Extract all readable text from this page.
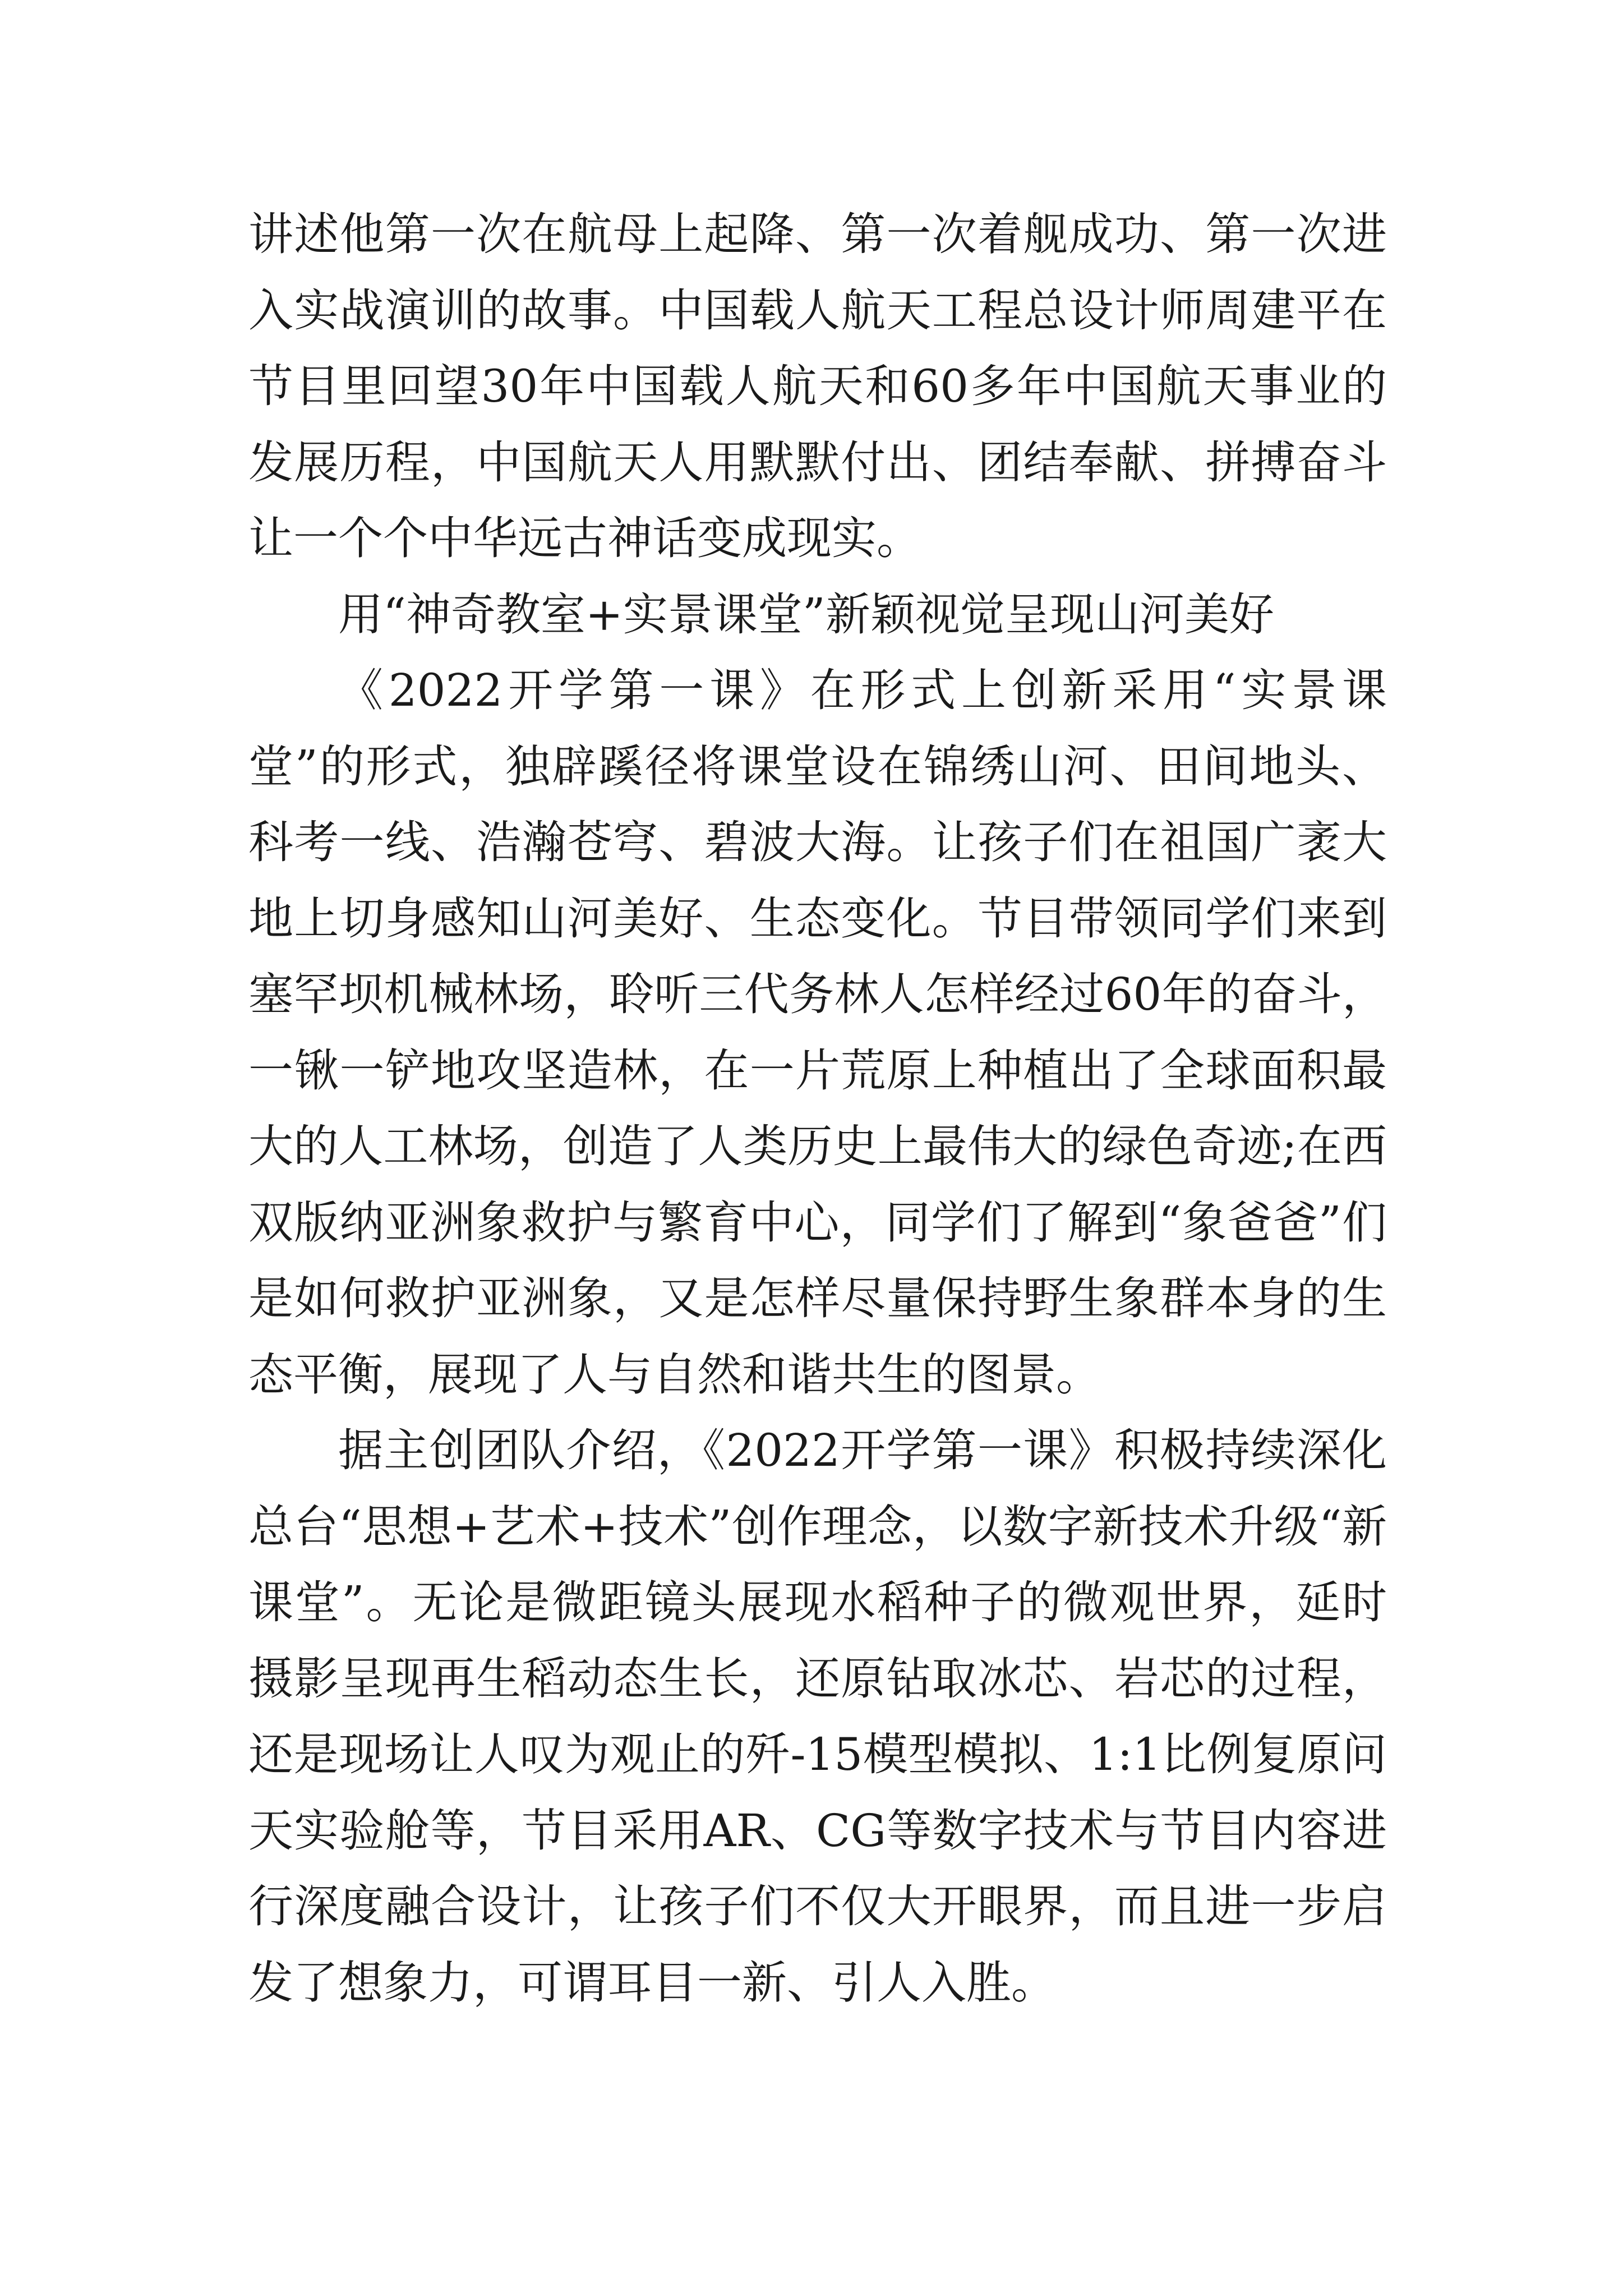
讲述他第一次在航母上起降、第一次着舰成功、第一次进入实战演训的故事。中国载人航天工程总设计师周建平在节目里回望30年中国载人航天和60多年中国航天事业的发展历程，中国航天人用默默付出、团结奉献、拼搏奋斗让一个个中华远古神话变成现实。

用“神奇教室+实景课堂”新颖视觉呈现山河美好

《2022开学第一课》在形式上创新采用“实景课堂”的形式，独辟蹊径将课堂设在锦绣山河、田间地头、科考一线、浩瀚苍穹、碧波大海。让孩子们在祖国广袤大地上切身感知山河美好、生态变化。节目带领同学们来到塞罕坝机械林场，聆听三代务林人怎样经过60年的奋斗，一锹一铲地攻坚造林，在一片荒原上种植出了全球面积最大的人工林场，创造了人类历史上最伟大的绿色奇迹;在西双版纳亚洲象救护与繁育中心，同学们了解到“象爸爸”们是如何救护亚洲象，又是怎样尽量保持野生象群本身的生态平衡，展现了人与自然和谐共生的图景。

据主创团队介绍，《2022开学第一课》积极持续深化总台“思想+艺术+技术”创作理念，以数字新技术升级“新课堂”。无论是微距镜头展现水稻种子的微观世界，延时摄影呈现再生稻动态生长，还原钻取冰芯、岩芯的过程，还是现场让人叹为观止的歼-15模型模拟、1:1比例复原问天实验舱等，节目采用AR、CG等数字技术与节目内容进行深度融合设计，让孩子们不仅大开眼界，而且进一步启发了想象力，可谓耳目一新、引人入胜。
